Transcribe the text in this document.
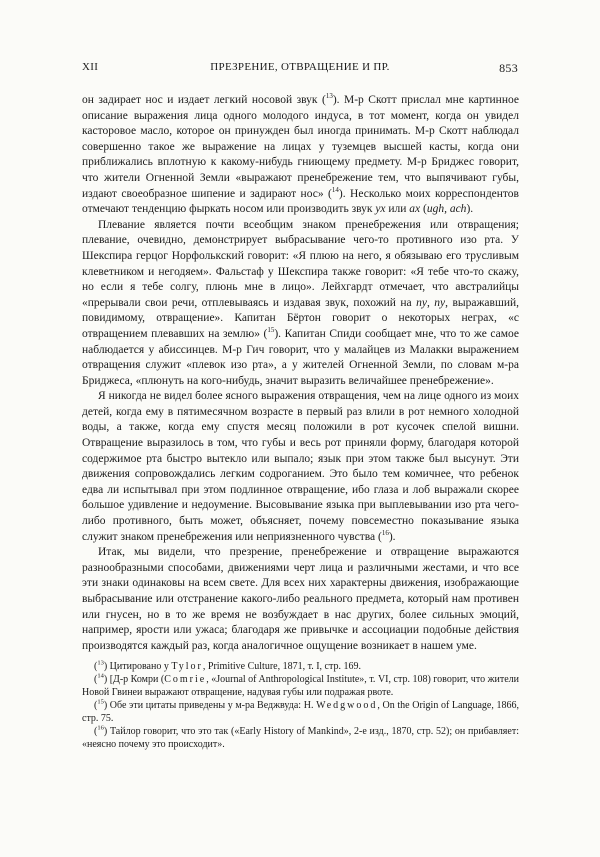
XII	ПРЕЗРЕНИЕ, ОТВРАЩЕНИЕ И ПР.	853

он задирает нос и издает легкий носовой звук ($^{13}$). М-р Скотт прислал мне картинное описание выражения лица одного молодого индуса, в тот момент, когда он увидел касторовое масло, которое он принужден был иногда принимать. М-р Скотт наблюдал совершенно такое же выражение на лицах у туземцев высшей касты, когда они приближались вплотную к какому-нибудь гниющему предмету. М-р Бриджес говорит, что жители Огненной Земли «выражают пренебрежение тем, что выпячивают губы, издают своеобразное шипение и задирают нос» ($^{14}$). Несколько моих корреспондентов отмечают тенденцию фыркать носом или производить звук ух или ах (ugh, ach).

Плевание является почти всеобщим знаком пренебрежения или отвращения; плевание, очевидно, демонстрирует выбрасывание чего-то противного изо рта. У Шекспира герцог Норфолькский говорит: «Я плюю на него, я обязываю его трусливым клеветником и негодяем». Фальстаф у Шекспира также говорит: «Я тебе что-то скажу, но если я тебе солгу, плюнь мне в лицо». Лейхгардт отмечает, что австралийцы «прерывали свои речи, отплевываясь и издавая звук, похожий на пу, пу, выражавший, повидимому, отвращение». Капитан Бёртон говорит о некоторых неграх, «с отвращением плевавших на землю» ($^{15}$). Капитан Спиди сообщает мне, что то же самое наблюдается у абиссинцев. М-р Гич говорит, что у малайцев из Малакки выражением отвращения служит «плевок изо рта», а у жителей Огненной Земли, по словам м-ра Бриджеса, «плюнуть на кого-нибудь, значит выразить величайшее пренебрежение».

Я никогда не видел более ясного выражения отвращения, чем на лице одного из моих детей, когда ему в пятимесячном возрасте в первый раз влили в рот немного холодной воды, а также, когда ему спустя месяц положили в рот кусочек спелой вишни. Отвращение выразилось в том, что губы и весь рот приняли форму, благодаря которой содержимое рта быстро вытекло или выпало; язык при этом также был высунут. Эти движения сопровождались легким содроганием. Это было тем комичнее, что ребенок едва ли испытывал при этом подлинное отвращение, ибо глаза и лоб выражали скорее большое удивление и недоумение. Высовывание языка при выплевывании изо рта чего-либо противного, быть может, объясняет, почему повсеместно показывание языка служит знаком пренебрежения или неприязненного чувства ($^{16}$).

Итак, мы видели, что презрение, пренебрежение и отвращение выражаются разнообразными способами, движениями черт лица и различными жестами, и что все эти знаки одинаковы на всем свете. Для всех них характерны движения, изображающие выбрасывание или отстранение какого-либо реального предмета, который нам противен или гнусен, но в то же время не возбуждает в нас других, более сильных эмоций, например, ярости или ужаса; благодаря же привычке и ассоциации подобные действия производятся каждый раз, когда аналогичное ощущение возникает в нашем уме.

($^{13}$) Цитировано у Tylor, Primitive Culture, 1871, т. I, стр. 169.

($^{14}$) [Д-р Комри (Comrie, «Journal of Anthropological Institute», т. VI, стр. 108) говорит, что жители Новой Гвинеи выражают отвращение, надувая губы или подражая рвоте.

($^{15}$) Обе эти цитаты приведены у м-ра Веджвуда: H. Wedgwood, On the Origin of Language, 1866, стр. 75.

($^{16}$) Тайлор говорит, что это так («Early History of Mankind», 2-е изд., 1870, стр. 52); он прибавляет: «неясно почему это происходит».
